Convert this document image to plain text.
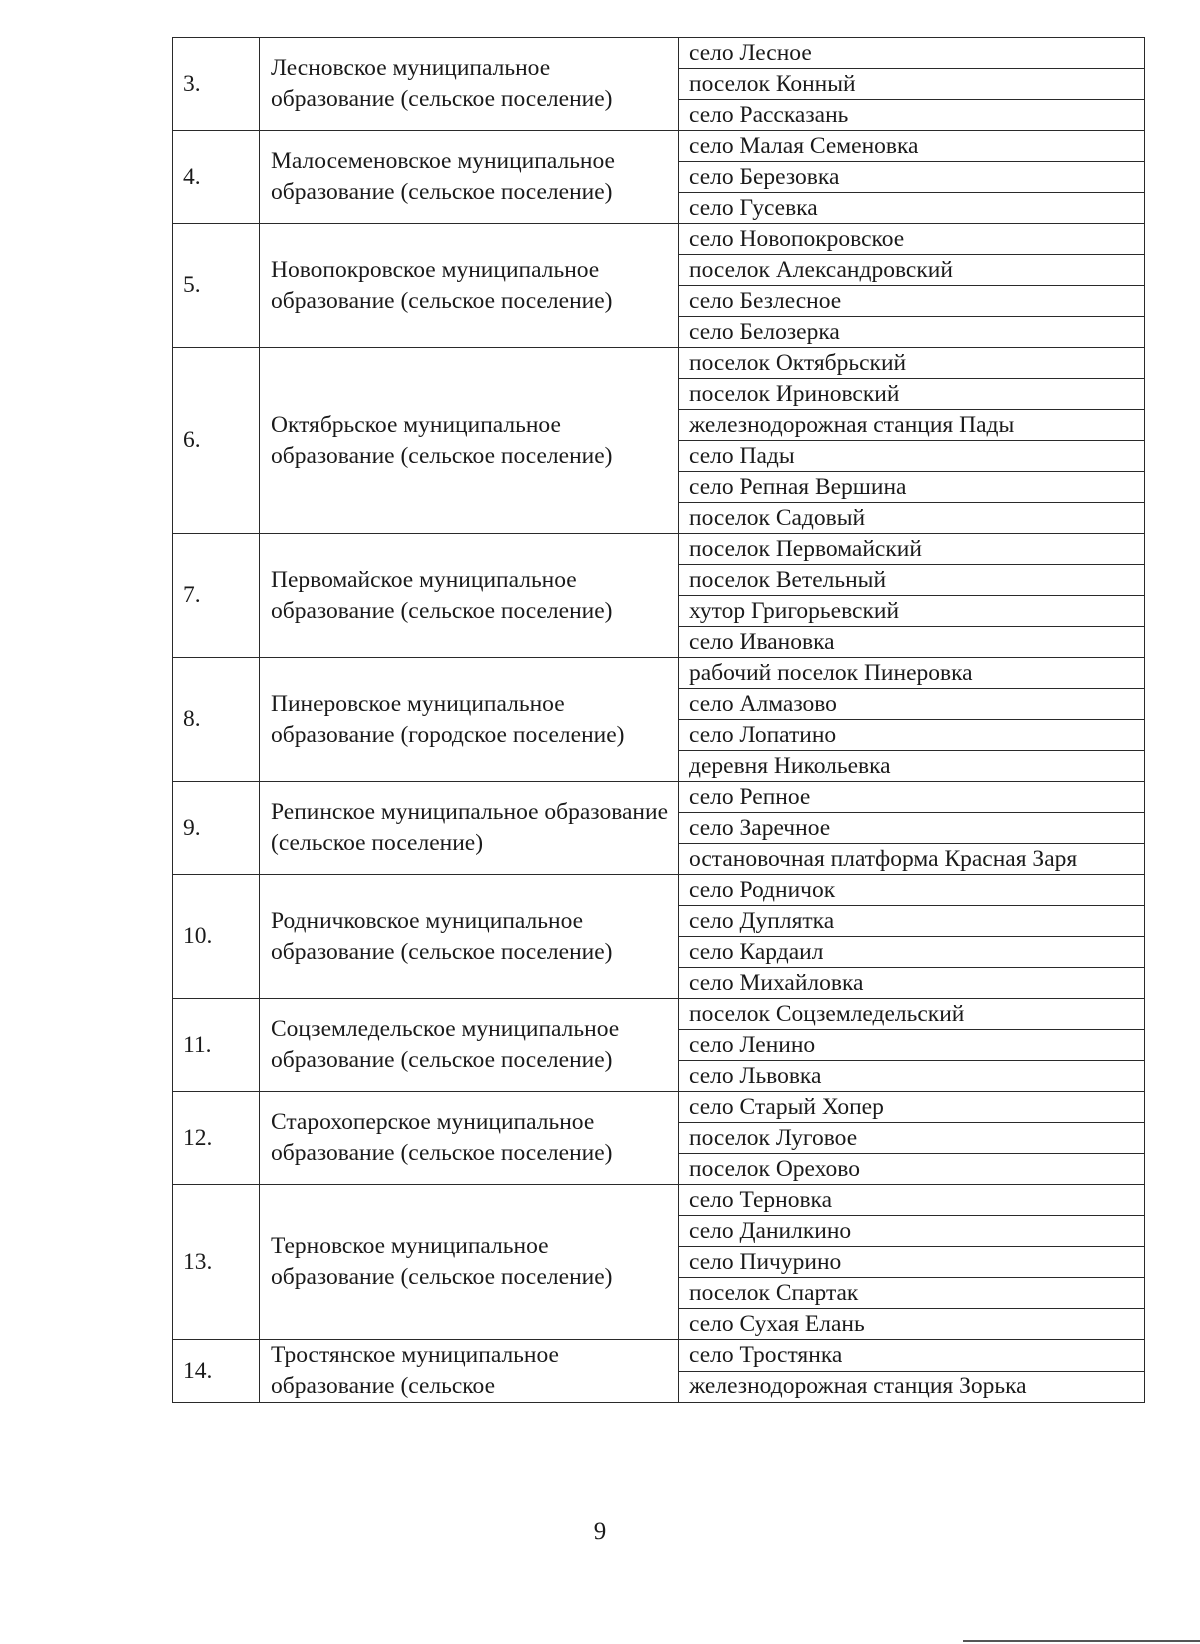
3.	Лесновское муниципальное образование (сельское поселение)	село Лесное
		поселок Конный
		село Рассказань
4.	Малосеменовское муниципальное образование (сельское поселение)	село Малая Семеновка
		село Березовка
		село Гусевка
5.	Новопокровское муниципальное образование (сельское поселение)	село Новопокровское
		поселок Александровский
		село Безлесное
		село Белозерка
6.	Октябрьское муниципальное образование (сельское поселение)	поселок Октябрьский
		поселок Ириновский
		железнодорожная станция Пады
		село Пады
		село Репная Вершина
		поселок Садовый
7.	Первомайское муниципальное образование (сельское поселение)	поселок Первомайский
		поселок Ветельный
		хутор Григорьевский
		село Ивановка
8.	Пинеровское муниципальное образование (городское поселение)	рабочий поселок Пинеровка
		село Алмазово
		село Лопатино
		деревня Никольевка
9.	Репинское муниципальное образование (сельское поселение)	село Репное
		село Заречное
		остановочная платформа Красная Заря
10.	Родничковское муниципальное образование (сельское поселение)	село Родничок
		село Дуплятка
		село Кардаил
		село Михайловка
11.	Соцземледельское муниципальное образование (сельское поселение)	поселок Соцземледельский
		село Ленино
		село Львовка
12.	Старохоперское муниципальное образование (сельское поселение)	село Старый Хопер
		поселок Луговое
		поселок Орехово
13.	Терновское муниципальное образование (сельское поселение)	село Терновка
		село Данилкино
		село Пичурино
		поселок Спартак
		село Сухая Елань
14.	Тростянское муниципальное образование (сельское	село Тростянка
		железнодорожная станция Зорька
9
